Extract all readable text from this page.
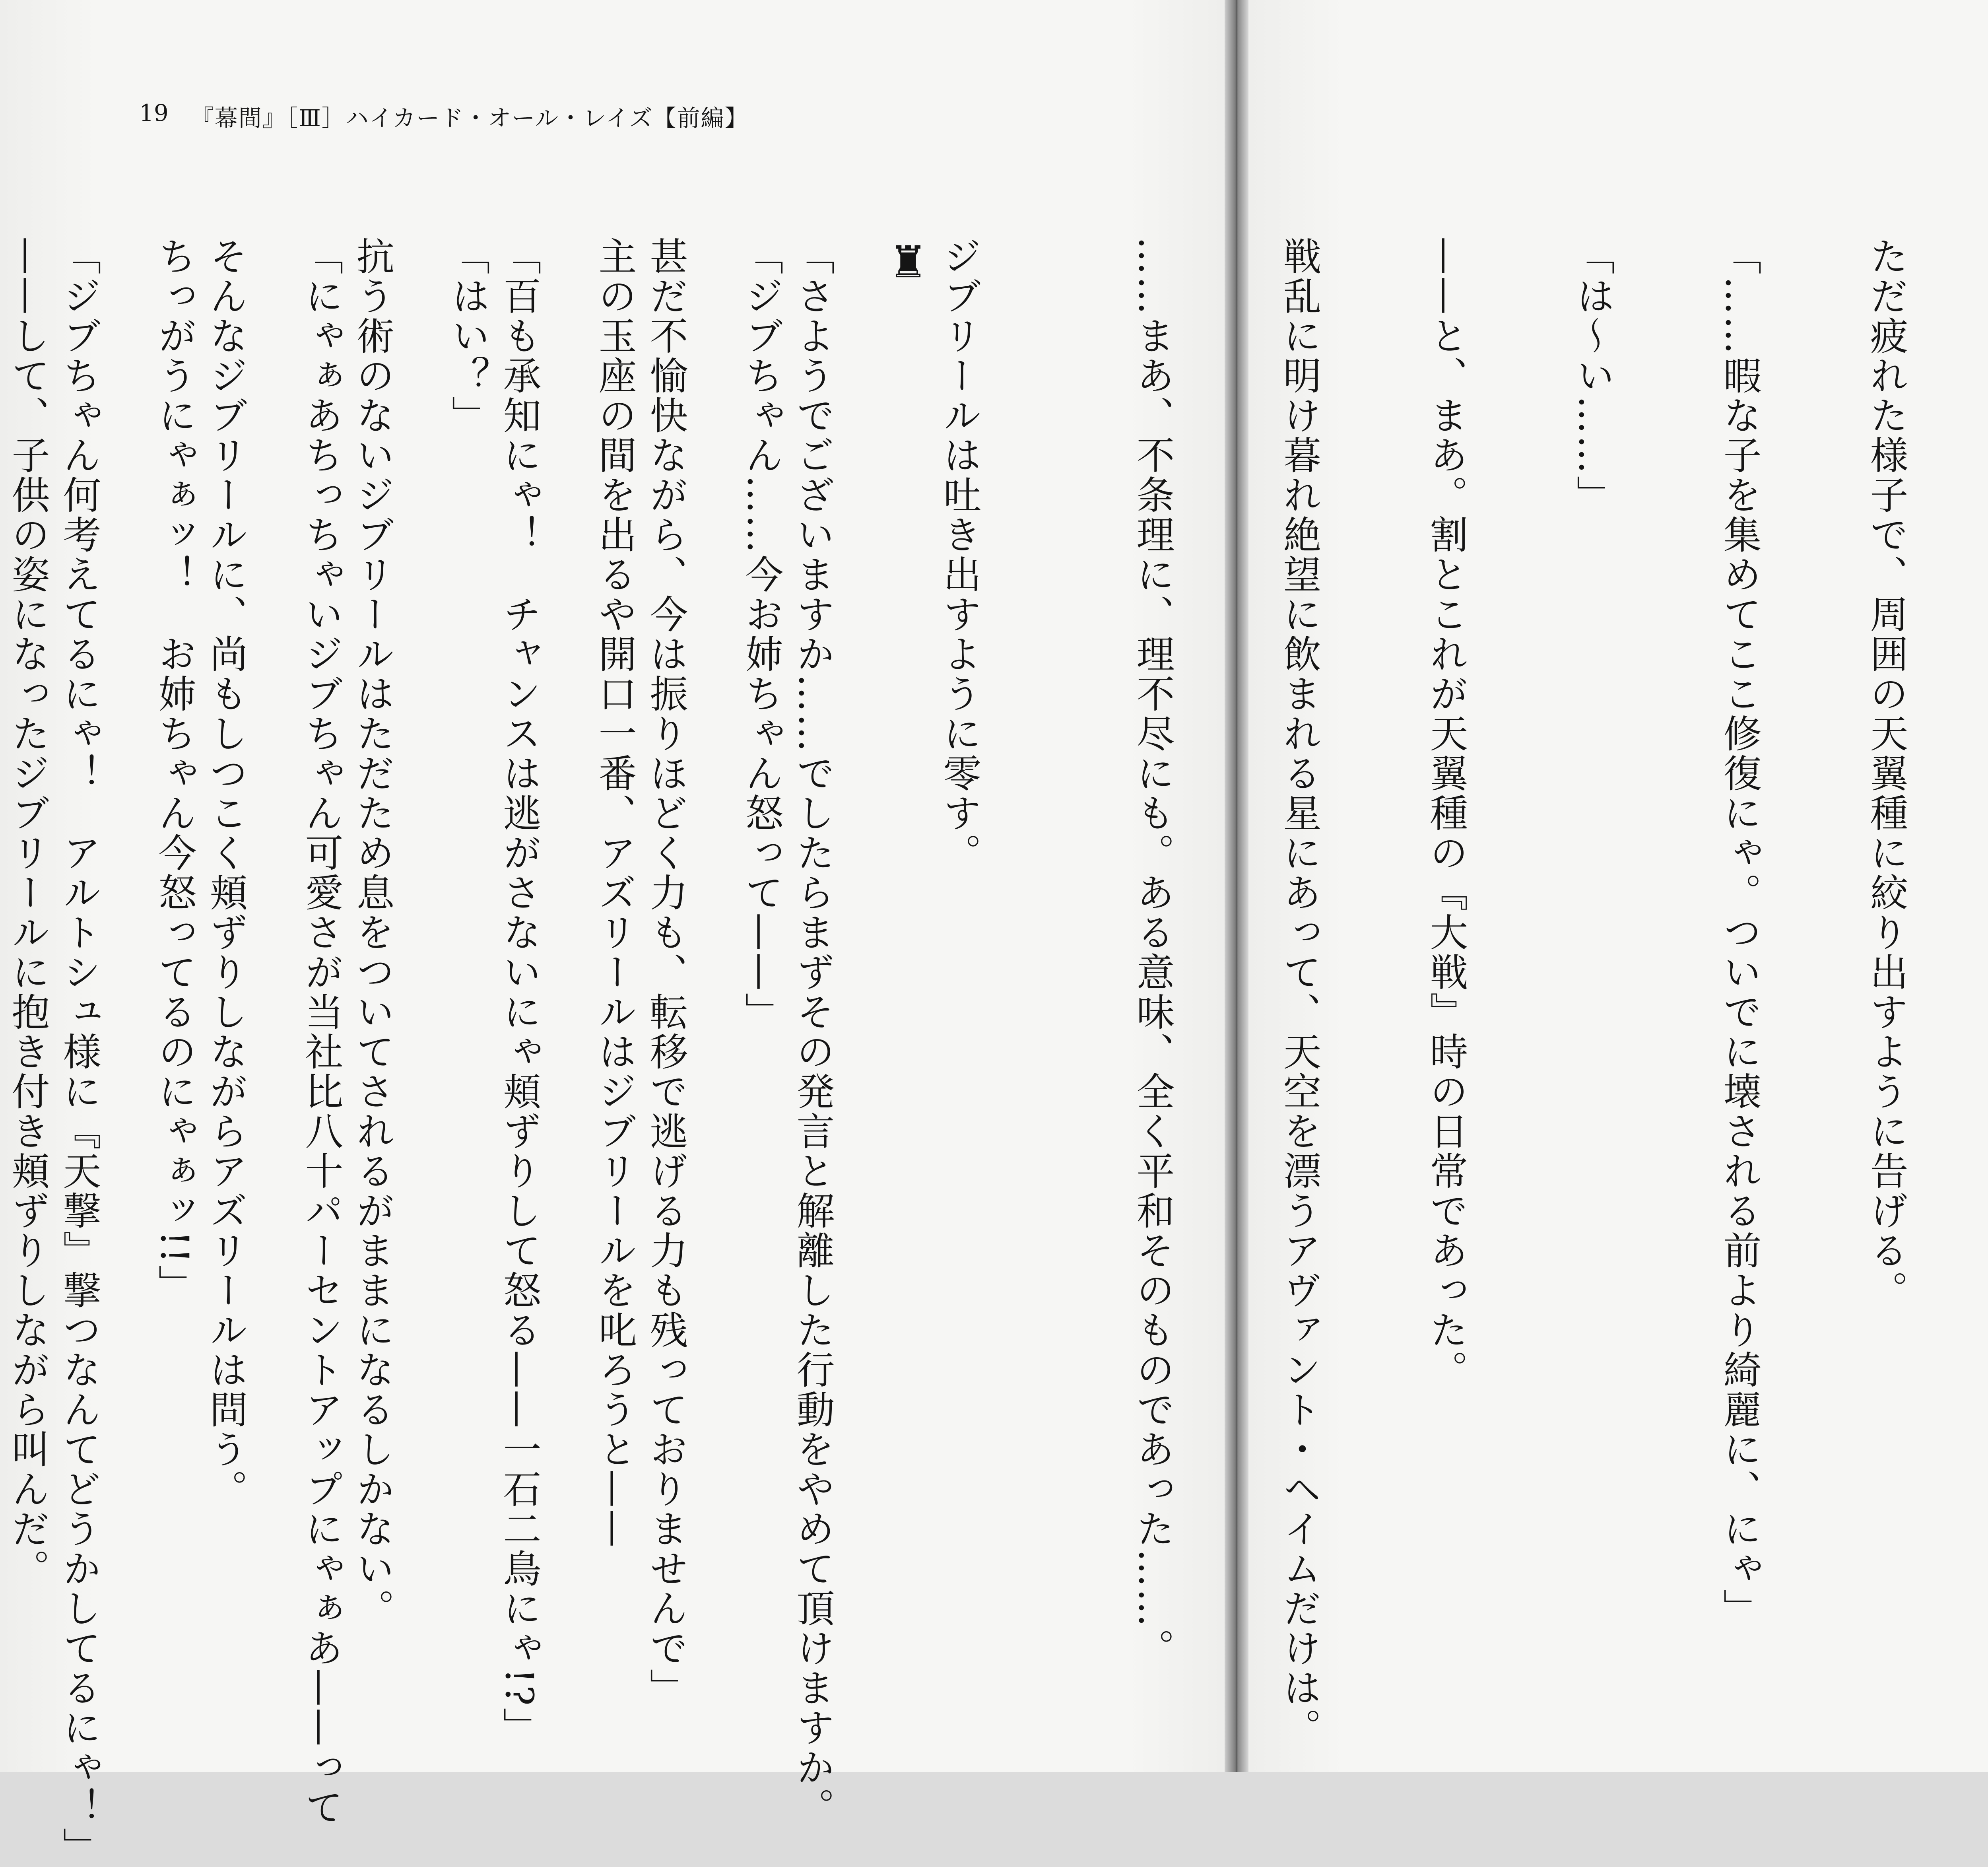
19 『幕間』［Ⅲ］ハイカード・オール・レイズ【前編】

ジブリールは吐き出すように零す。

「さようでございますか……でしたらまずその発言と解離した行動をやめて頂けますか。

甚だ不愉快ながら、今は振りほどく力も、転移で逃げる力も残っておりませんで」

「百も承知にゃ！　チャンスは逃がさないにゃ頬ずりして怒る——一石二鳥にゃ!?」

抗う術のないジブリールはただため息をついてされるがままになるしかない。

そんなジブリールに、尚もしつこく頬ずりしながらアズリールは問う。

「ジブちゃん何考えてるにゃ！　アルトシュ様に『天撃』撃つなんてどうかしてるにゃ！」

	ただ疲れた様子で、周囲の天翼種に絞り出すように告げる。

「……暇な子を集めてここ修復にゃ。ついでに壊される前より綺麗に、にゃ」

「は～い……」

——と、まあ。割とこれが天翼種の『大戦』時の日常であった。

戦乱に明け暮れ絶望に飲まれる星にあって、天空を漂うアヴァント・ヘイムだけは。

……まあ、不条理に、理不尽にも。ある意味、全く平和そのものであった……。

♜

「ジブちゃん……今お姉ちゃん怒って——」

主の玉座の間を出るや開口一番、アズリールはジブリールを叱ろうと——

「はい？」

「にゃぁあちっちゃいジブちゃん可愛さが当社比八十パーセントアップにゃぁあ——って

ちっがうにゃぁッ！　お姉ちゃん今怒ってるのにゃぁッ!!」

——して、子供の姿になったジブリールに抱き付き頬ずりしながら叫んだ。
